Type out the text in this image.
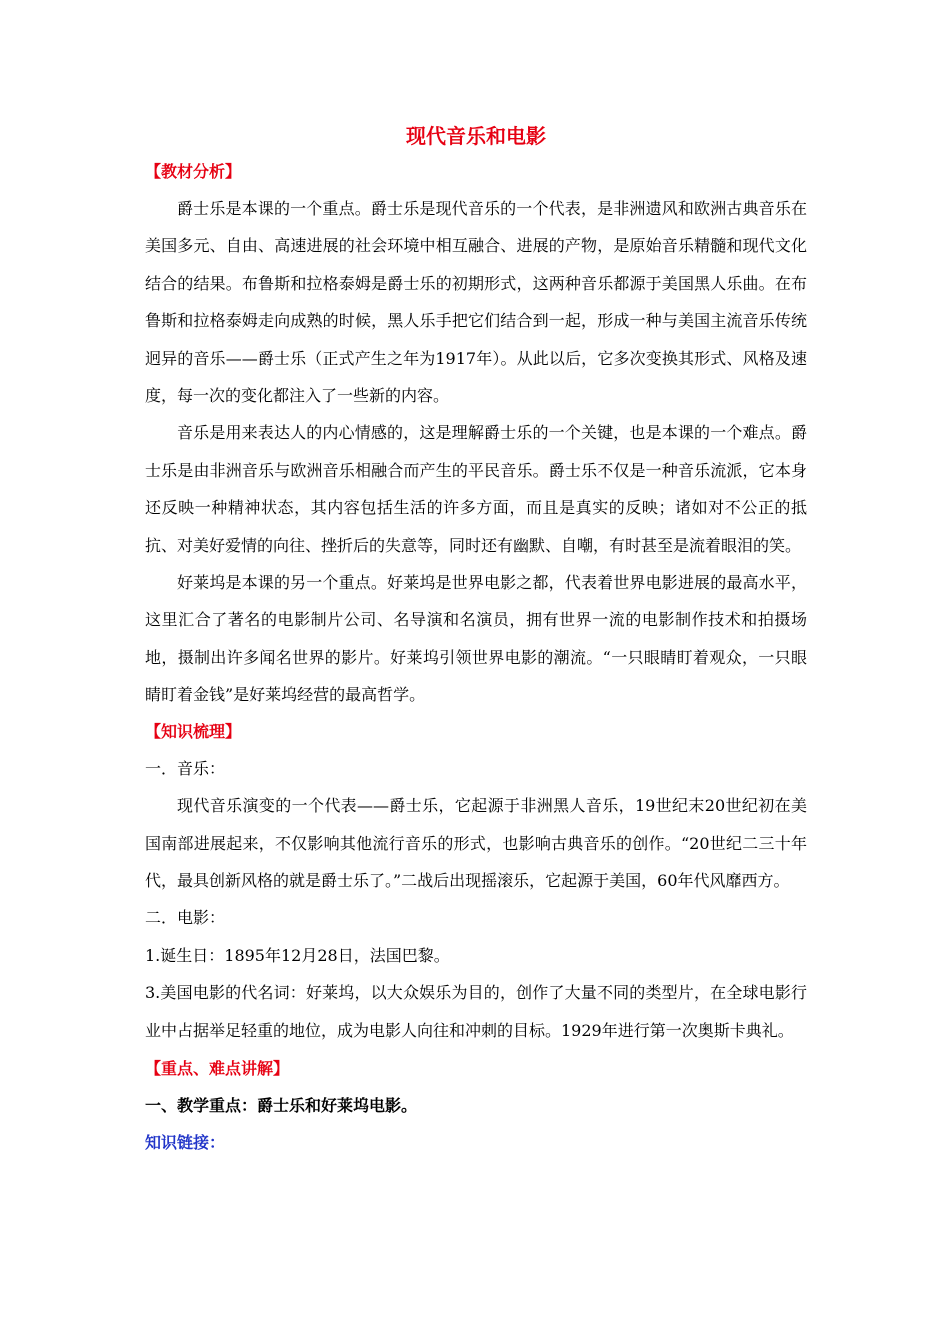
现代音乐和电影
【教材分析】

爵士乐是本课的一个重点。爵士乐是现代音乐的一个代表，是非洲遗风和欧洲古典音乐在美国多元、自由、高速进展的社会环境中相互融合、进展的产物，是原始音乐精髓和现代文化结合的结果。布鲁斯和拉格泰姆是爵士乐的初期形式，这两种音乐都源于美国黑人乐曲。在布鲁斯和拉格泰姆走向成熟的时候，黑人乐手把它们结合到一起，形成一种与美国主流音乐传统迥异的音乐——爵士乐（正式产生之年为1917年）。从此以后，它多次变换其形式、风格及速度，每一次的变化都注入了一些新的内容。

音乐是用来表达人的内心情感的，这是理解爵士乐的一个关键，也是本课的一个难点。爵士乐是由非洲音乐与欧洲音乐相融合而产生的平民音乐。爵士乐不仅是一种音乐流派，它本身还反映一种精神状态，其内容包括生活的许多方面，而且是真实的反映；诸如对不公正的抵抗、对美好爱情的向往、挫折后的失意等，同时还有幽默、自嘲，有时甚至是流着眼泪的笑。

好莱坞是本课的另一个重点。好莱坞是世界电影之都，代表着世界电影进展的最高水平，这里汇合了著名的电影制片公司、名导演和名演员，拥有世界一流的电影制作技术和拍摄场地，摄制出许多闻名世界的影片。好莱坞引领世界电影的潮流。“一只眼睛盯着观众，一只眼睛盯着金钱”是好莱坞经营的最高哲学。

【知识梳理】

一．音乐：

现代音乐演变的一个代表——爵士乐，它起源于非洲黑人音乐，19世纪末20世纪初在美国南部进展起来，不仅影响其他流行音乐的形式，也影响古典音乐的创作。“20世纪二三十年代，最具创新风格的就是爵士乐了。”二战后出现摇滚乐，它起源于美国，60年代风靡西方。

二．电影：

1.诞生日：1895年12月28日，法国巴黎。

3.美国电影的代名词：好莱坞，以大众娱乐为目的，创作了大量不同的类型片，在全球电影行业中占据举足轻重的地位，成为电影人向往和冲刺的目标。1929年进行第一次奥斯卡典礼。

【重点、难点讲解】

一、教学重点：爵士乐和好莱坞电影。

知识链接：
